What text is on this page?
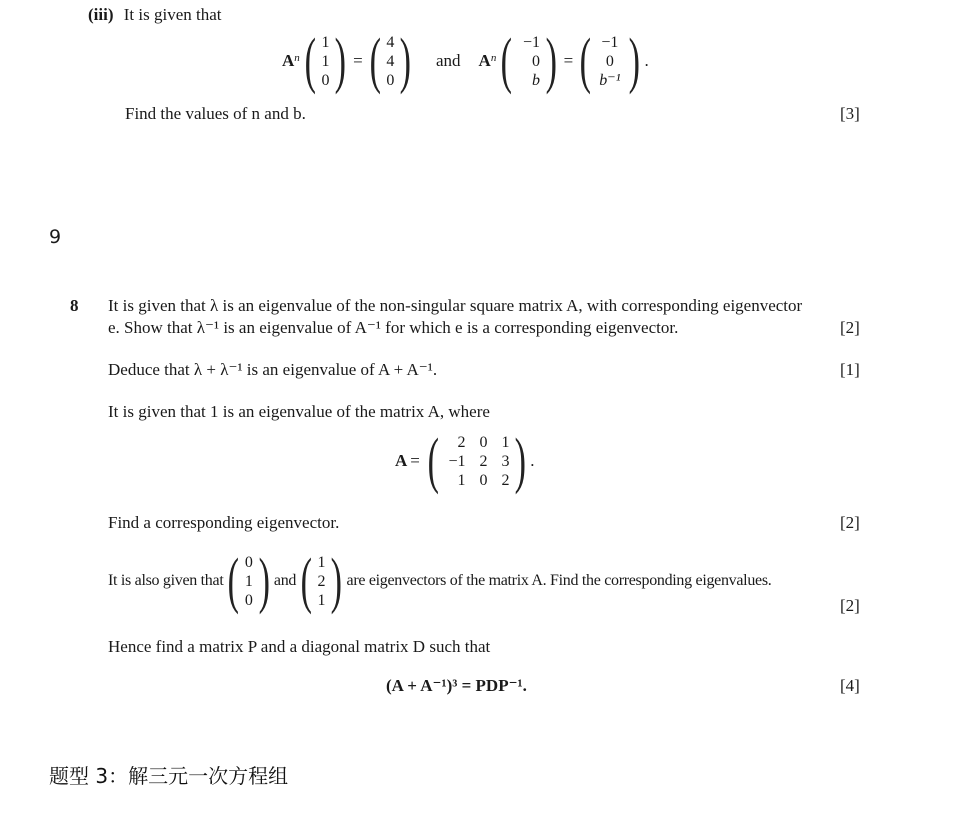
(iii) It is given that
$A^n$ ( 1
1
0 ) = ( 4
4
0 ) and $A^n$ ( −1
0
b ) = ( −1
0
b⁻¹ ) .
Find the values of n and b.	[3]
9
8 It is given that λ is an eigenvalue of the non-singular square matrix A, with corresponding eigenvector
e. Show that λ⁻¹ is an eigenvalue of A⁻¹ for which e is a corresponding eigenvector.	[2]
Deduce that λ + λ⁻¹ is an eigenvalue of A + A⁻¹.	[1]
It is given that 1 is an eigenvalue of the matrix A, where
A = ( 2 0 1
−1 2 3
1 0 2 ) .
Find a corresponding eigenvector.	[2]
It is also given that ( 0
1
0 ) and ( 1
2
1 ) are eigenvectors of the matrix A. Find the corresponding eigenvalues.
[2]
Hence find a matrix P and a diagonal matrix D such that
(A + A⁻¹)³ = PDP⁻¹.	[4]
题型 3：解三元一次方程组
